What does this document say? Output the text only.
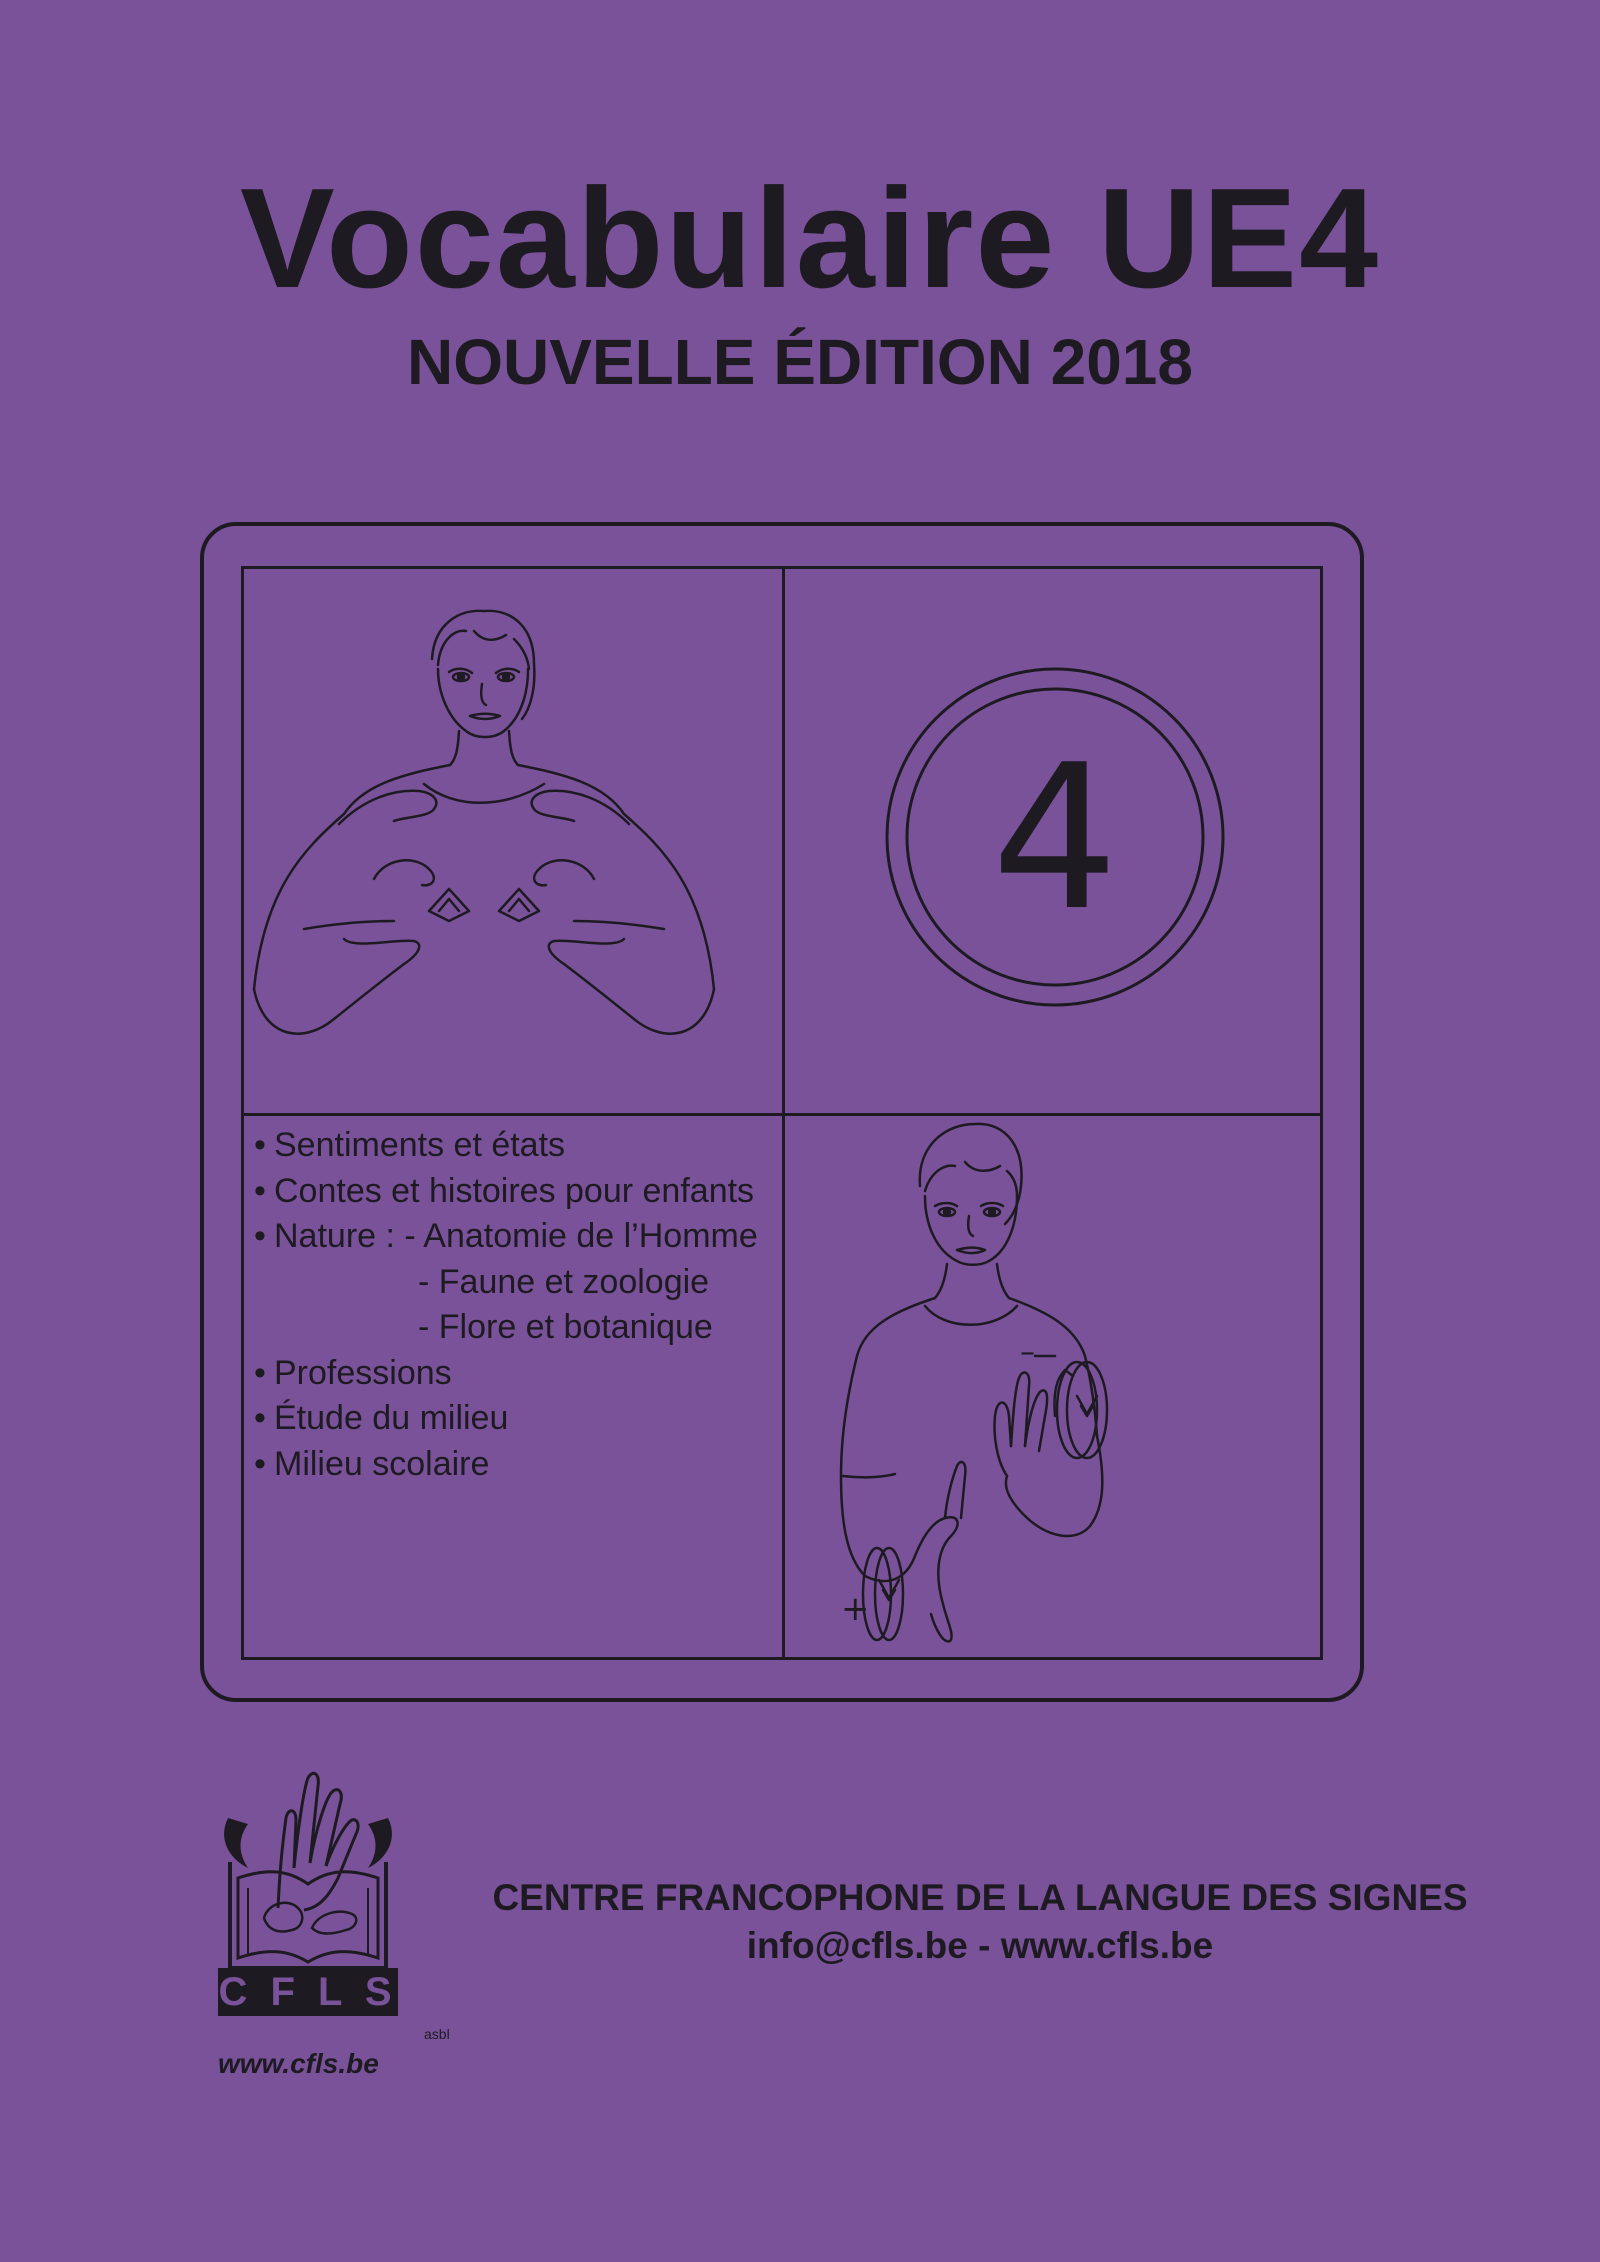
Vocabulaire UE4
NOUVELLE ÉDITION 2018
4
• Sentiments et états
• Contes et histoires pour enfants
• Nature : - Anatomie de l’Homme
- Faune et zoologie
- Flore et botanique
• Professions
• Étude du milieu
• Milieu scolaire
–
+
C F L S
asbl
www.cfls.be
CENTRE FRANCOPHONE DE LA LANGUE DES SIGNES
info@cfls.be - www.cfls.be
